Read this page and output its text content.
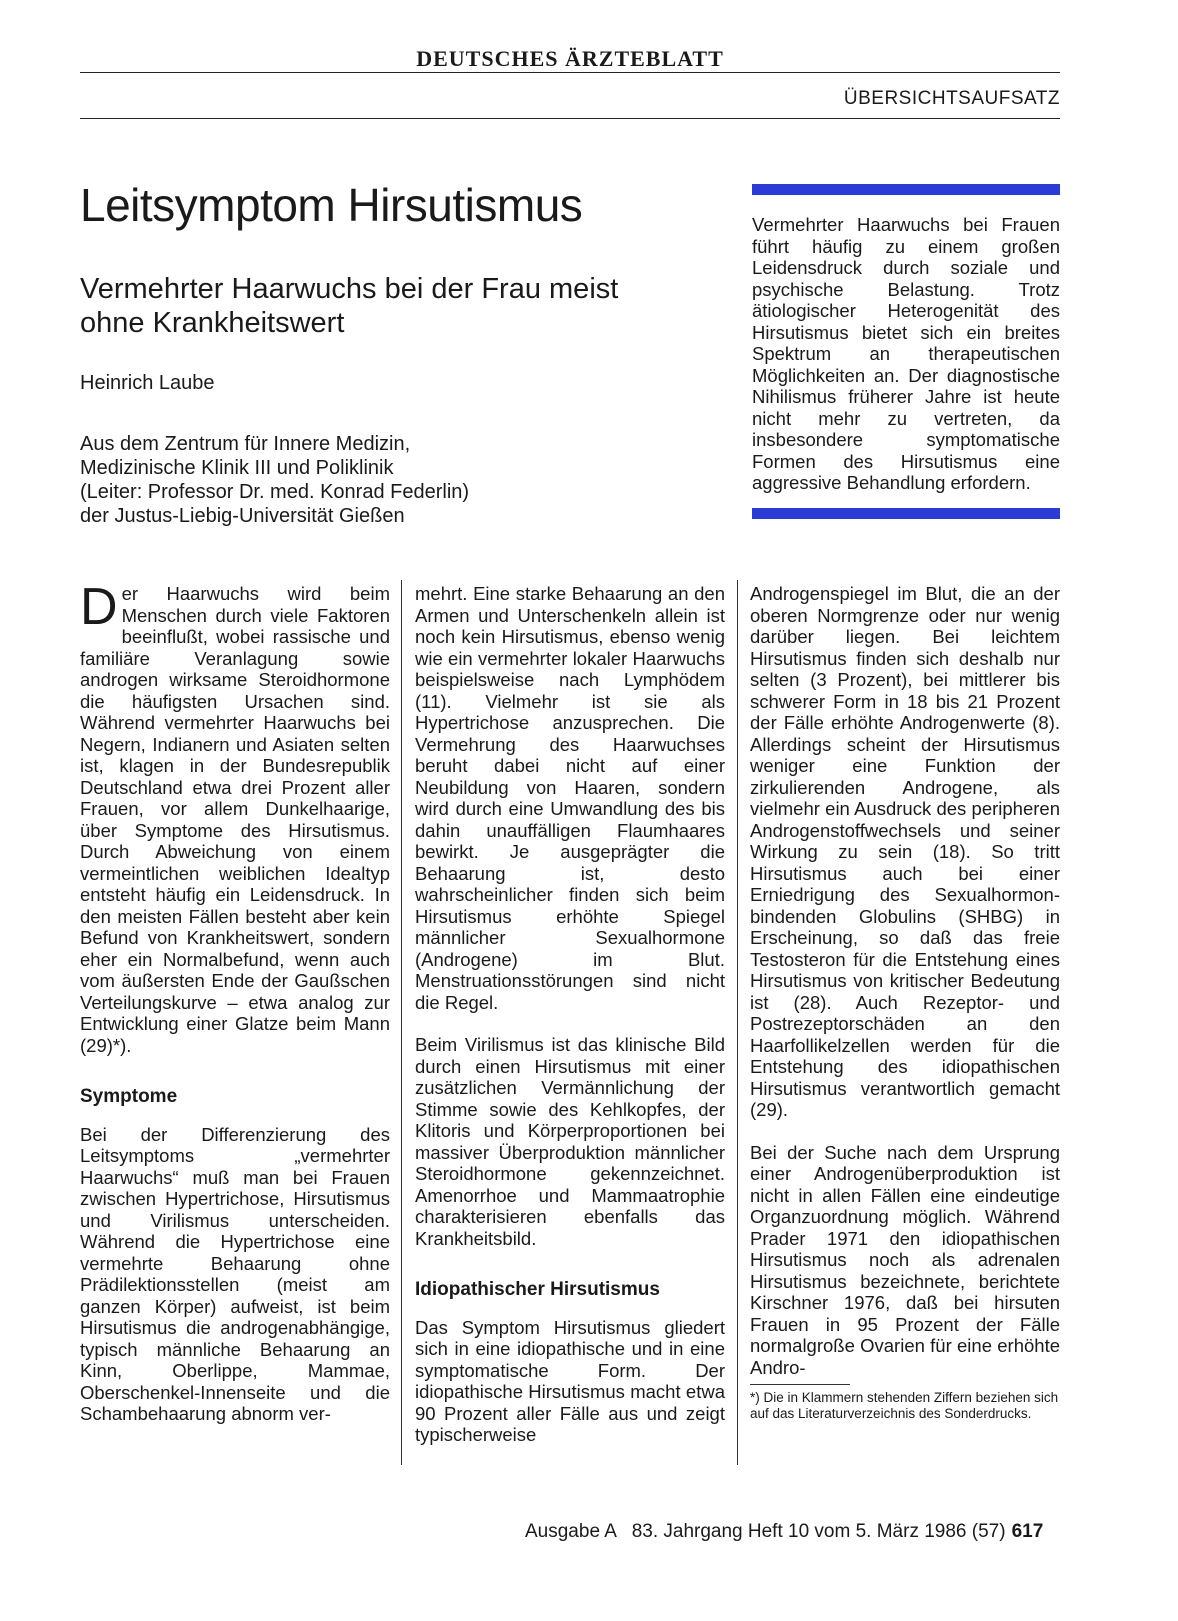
DEUTSCHES ÄRZTEBLATT
ÜBERSICHTSAUFSATZ
Leitsymptom Hirsutismus
Vermehrter Haarwuchs bei der Frau meist ohne Krankheitswert
Heinrich Laube
Aus dem Zentrum für Innere Medizin,
Medizinische Klinik III und Poliklinik
(Leiter: Professor Dr. med. Konrad Federlin)
der Justus-Liebig-Universität Gießen
Vermehrter Haarwuchs bei Frauen führt häufig zu einem großen Leidensdruck durch soziale und psychische Belastung. Trotz ätiologischer Heterogenität des Hirsutismus bietet sich ein breites Spektrum an therapeutischen Möglichkeiten an. Der diagnostische Nihilismus früherer Jahre ist heute nicht mehr zu vertreten, da insbesondere symptomatische Formen des Hirsutismus eine aggressive Behandlung erfordern.

Der Haarwuchs wird beim Menschen durch viele Faktoren beeinflußt, wobei rassische und familiäre Veranlagung sowie androgen wirksame Steroidhormone die häufigsten Ursachen sind. Während vermehrter Haarwuchs bei Negern, Indianern und Asiaten selten ist, klagen in der Bundesrepublik Deutschland etwa drei Prozent aller Frauen, vor allem Dunkelhaarige, über Symptome des Hirsutismus. Durch Abweichung von einem vermeintlichen weiblichen Idealtyp entsteht häufig ein Leidensdruck. In den meisten Fällen besteht aber kein Befund von Krankheitswert, sondern eher ein Normalbefund, wenn auch vom äußersten Ende der Gaußschen Verteilungskurve – etwa analog zur Entwicklung einer Glatze beim Mann (29)*).

Symptome

Bei der Differenzierung des Leitsymptoms „vermehrter Haarwuchs“ muß man bei Frauen zwischen Hypertrichose, Hirsutismus und Virilismus unterscheiden. Während die Hypertrichose eine vermehrte Behaarung ohne Prädilektionsstellen (meist am ganzen Körper) aufweist, ist beim Hirsutismus die androgenabhängige, typisch männliche Behaarung an Kinn, Oberlippe, Mammae, Oberschenkel-Innenseite und die Schambehaarung abnorm ver-

mehrt. Eine starke Behaarung an den Armen und Unterschenkeln allein ist noch kein Hirsutismus, ebenso wenig wie ein vermehrter lokaler Haarwuchs beispielsweise nach Lymphödem (11). Vielmehr ist sie als Hypertrichose anzusprechen. Die Vermehrung des Haarwuchses beruht dabei nicht auf einer Neubildung von Haaren, sondern wird durch eine Umwandlung des bis dahin unauffälligen Flaumhaares bewirkt. Je ausgeprägter die Behaarung ist, desto wahrscheinlicher finden sich beim Hirsutismus erhöhte Spiegel männlicher Sexualhormone (Androgene) im Blut. Menstruationsstörungen sind nicht die Regel.

Beim Virilismus ist das klinische Bild durch einen Hirsutismus mit einer zusätzlichen Vermännlichung der Stimme sowie des Kehlkopfes, der Klitoris und Körperproportionen bei massiver Überproduktion männlicher Steroidhormone gekennzeichnet. Amenorrhoe und Mammaatrophie charakterisieren ebenfalls das Krankheitsbild.

Idiopathischer Hirsutismus

Das Symptom Hirsutismus gliedert sich in eine idiopathische und in eine symptomatische Form. Der idiopathische Hirsutismus macht etwa 90 Prozent aller Fälle aus und zeigt typischerweise

Androgenspiegel im Blut, die an der oberen Normgrenze oder nur wenig darüber liegen. Bei leichtem Hirsutismus finden sich deshalb nur selten (3 Prozent), bei mittlerer bis schwerer Form in 18 bis 21 Prozent der Fälle erhöhte Androgenwerte (8). Allerdings scheint der Hirsutismus weniger eine Funktion der zirkulierenden Androgene, als vielmehr ein Ausdruck des peripheren Androgenstoffwechsels und seiner Wirkung zu sein (18). So tritt Hirsutismus auch bei einer Erniedrigung des Sexualhormon-bindenden Globulins (SHBG) in Erscheinung, so daß das freie Testosteron für die Entstehung eines Hirsutismus von kritischer Bedeutung ist (28). Auch Rezeptor- und Postrezeptorschäden an den Haarfollikelzellen werden für die Entstehung des idiopathischen Hirsutismus verantwortlich gemacht (29).

Bei der Suche nach dem Ursprung einer Androgenüberproduktion ist nicht in allen Fällen eine eindeutige Organzuordnung möglich. Während Prader 1971 den idiopathischen Hirsutismus noch als adrenalen Hirsutismus bezeichnete, berichtete Kirschner 1976, daß bei hirsuten Frauen in 95 Prozent der Fälle normalgroße Ovarien für eine erhöhte Andro-

*) Die in Klammern stehenden Ziffern beziehen sich auf das Literaturverzeichnis des Sonderdrucks.
Ausgabe A   83. Jahrgang Heft 10 vom 5. März 1986 (57) 617
